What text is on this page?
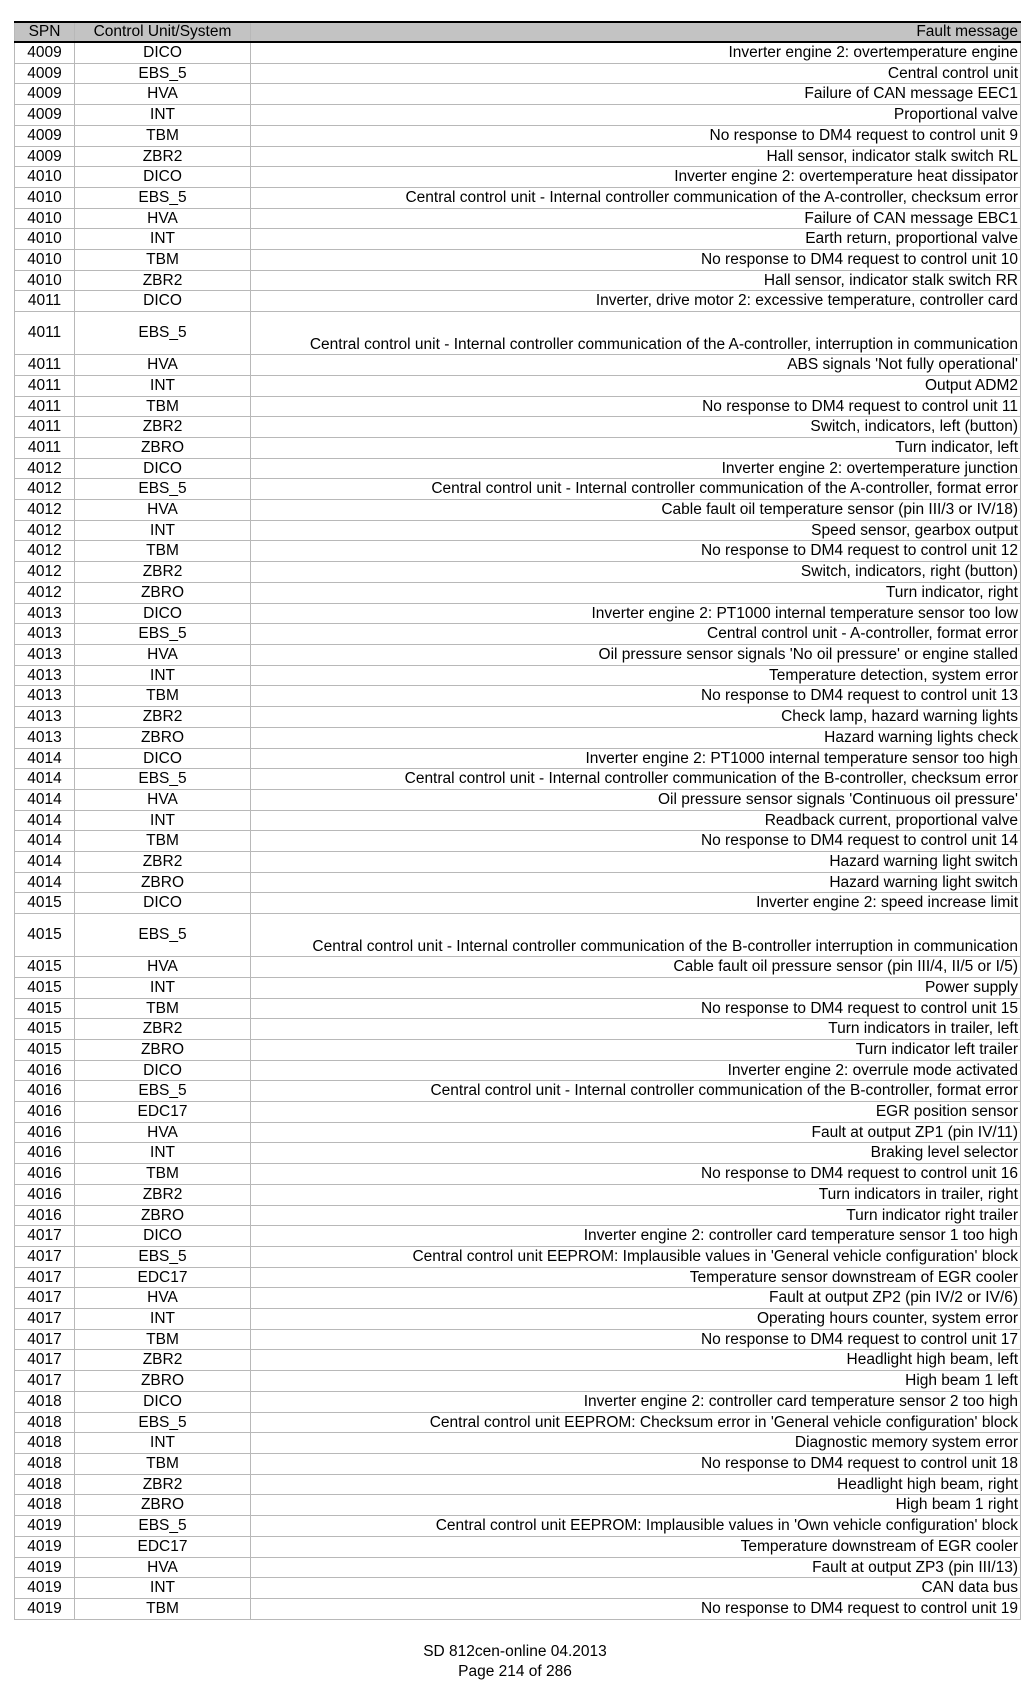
SPN	Control Unit/System	Fault message
4009	DICO	Inverter engine 2: overtemperature engine
4009	EBS_5	Central control unit
4009	HVA	Failure of CAN message EEC1
4009	INT	Proportional valve
4009	TBM	No response to DM4 request to control unit 9
4009	ZBR2	Hall sensor, indicator stalk switch RL
4010	DICO	Inverter engine 2: overtemperature heat dissipator
4010	EBS_5	Central control unit - Internal controller communication of the A-controller, checksum error
4010	HVA	Failure of CAN message EBC1
4010	INT	Earth return, proportional valve
4010	TBM	No response to DM4 request to control unit 10
4010	ZBR2	Hall sensor, indicator stalk switch RR
4011	DICO	Inverter, drive motor 2: excessive temperature, controller card
4011	EBS_5	Central control unit - Internal controller communication of the A-controller, interruption in communication
4011	HVA	ABS signals 'Not fully operational'
4011	INT	Output ADM2
4011	TBM	No response to DM4 request to control unit 11
4011	ZBR2	Switch, indicators, left (button)
4011	ZBRO	Turn indicator, left
4012	DICO	Inverter engine 2: overtemperature junction
4012	EBS_5	Central control unit - Internal controller communication of the A-controller, format error
4012	HVA	Cable fault oil temperature sensor (pin III/3 or IV/18)
4012	INT	Speed sensor, gearbox output
4012	TBM	No response to DM4 request to control unit 12
4012	ZBR2	Switch, indicators, right (button)
4012	ZBRO	Turn indicator, right
4013	DICO	Inverter engine 2: PT1000 internal temperature sensor too low
4013	EBS_5	Central control unit - A-controller, format error
4013	HVA	Oil pressure sensor signals 'No oil pressure' or engine stalled
4013	INT	Temperature detection, system error
4013	TBM	No response to DM4 request to control unit 13
4013	ZBR2	Check lamp, hazard warning lights
4013	ZBRO	Hazard warning lights check
4014	DICO	Inverter engine 2: PT1000 internal temperature sensor too high
4014	EBS_5	Central control unit - Internal controller communication of the B-controller, checksum error
4014	HVA	Oil pressure sensor signals 'Continuous oil pressure'
4014	INT	Readback current, proportional valve
4014	TBM	No response to DM4 request to control unit 14
4014	ZBR2	Hazard warning light switch
4014	ZBRO	Hazard warning light switch
4015	DICO	Inverter engine 2: speed increase limit
4015	EBS_5	Central control unit - Internal controller communication of the B-controller interruption in communication
4015	HVA	Cable fault oil pressure sensor (pin III/4, II/5 or I/5)
4015	INT	Power supply
4015	TBM	No response to DM4 request to control unit 15
4015	ZBR2	Turn indicators in trailer, left
4015	ZBRO	Turn indicator left trailer
4016	DICO	Inverter engine 2: overrule mode activated
4016	EBS_5	Central control unit - Internal controller communication of the B-controller, format error
4016	EDC17	EGR position sensor
4016	HVA	Fault at output ZP1 (pin IV/11)
4016	INT	Braking level selector
4016	TBM	No response to DM4 request to control unit 16
4016	ZBR2	Turn indicators in trailer, right
4016	ZBRO	Turn indicator right trailer
4017	DICO	Inverter engine 2: controller card temperature sensor 1 too high
4017	EBS_5	Central control unit EEPROM: Implausible values in 'General vehicle configuration' block
4017	EDC17	Temperature sensor downstream of EGR cooler
4017	HVA	Fault at output ZP2 (pin IV/2 or IV/6)
4017	INT	Operating hours counter, system error
4017	TBM	No response to DM4 request to control unit 17
4017	ZBR2	Headlight high beam, left
4017	ZBRO	High beam 1 left
4018	DICO	Inverter engine 2: controller card temperature sensor 2 too high
4018	EBS_5	Central control unit EEPROM: Checksum error in 'General vehicle configuration' block
4018	INT	Diagnostic memory system error
4018	TBM	No response to DM4 request to control unit 18
4018	ZBR2	Headlight high beam, right
4018	ZBRO	High beam 1 right
4019	EBS_5	Central control unit EEPROM: Implausible values in 'Own vehicle configuration' block
4019	EDC17	Temperature downstream of EGR cooler
4019	HVA	Fault at output ZP3 (pin III/13)
4019	INT	CAN data bus
4019	TBM	No response to DM4 request to control unit 19
SD 812cen-online 04.2013
Page 214 of 286
